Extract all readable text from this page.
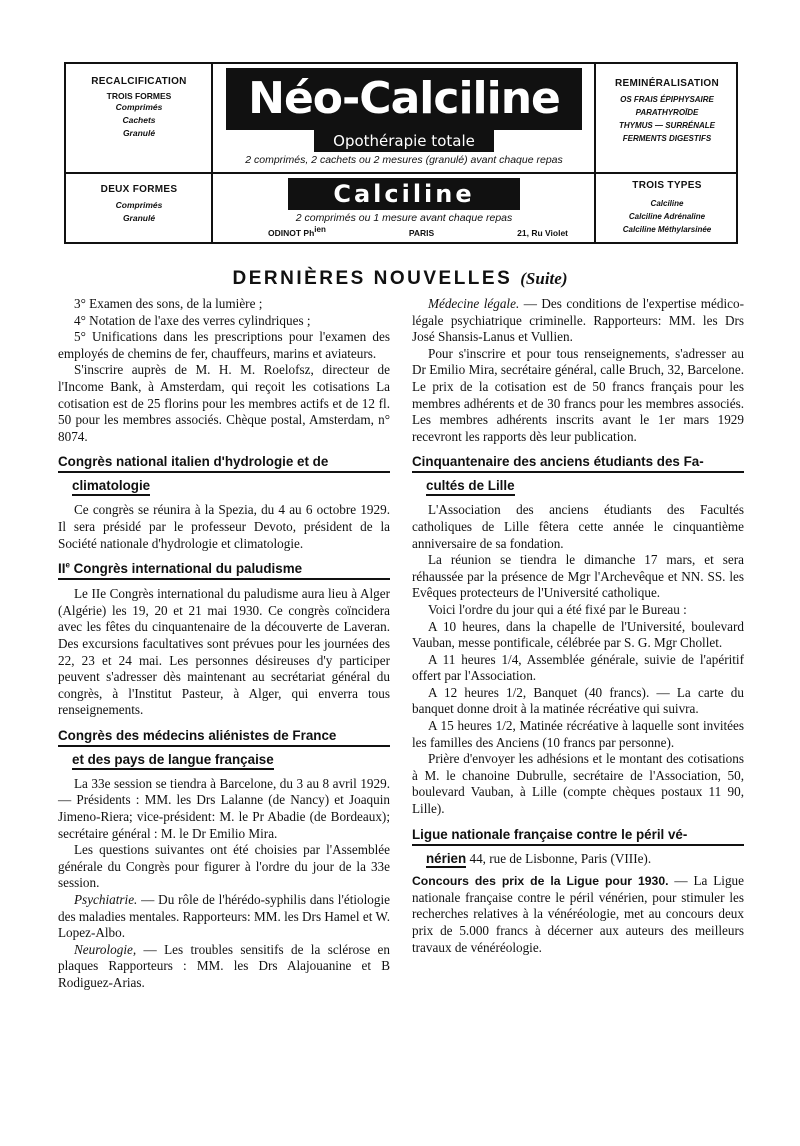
RECALCIFICATION
TROIS FORMES
Comprimés
Cachets
Granulé
DEUX FORMES
Comprimés
Granulé
REMINÉRALISATION
OS FRAIS ÉPIPHYSAIRE
PARATHYROÏDE
THYMUS — SURRÉNALE
FERMENTS DIGESTIFS
TROIS TYPES
Calciline
Calciline Adrénaline
Calciline Méthylarsinée
Néo-Calciline
Opothérapie totale
2 comprimés, 2 cachets ou 2 mesures (granulé) avant chaque repas
Calciline
2 comprimés ou 1 mesure avant chaque repas
ODINOT $Ph^{ien}$	PARIS	21, Ru Violet
DERNIÈRES NOUVELLES (Suite)

3° Examen des sons, de la lumière ;

4° Notation de l'axe des verres cylindriques ;

5° Unifications dans les prescriptions pour l'examen des employés de chemins de fer, chauffeurs, marins et aviateurs.

S'inscrire auprès de M. H. M. Roelofsz, directeur de l'Income Bank, à Amsterdam, qui reçoit les cotisations La cotisation est de 25 florins pour les membres actifs et de 12 fl. 50 pour les membres associés. Chèque postal, Amsterdam, n° 8074.

Congrès national italien d'hydrologie et de
climatologie

Ce congrès se réunira à la Spezia, du 4 au 6 octobre 1929. Il sera présidé par le professeur Devoto, président de la Société nationale d'hydrologie et climatologie.

IIe Congrès international du paludisme

Le IIe Congrès international du paludisme aura lieu à Alger (Algérie) les 19, 20 et 21 mai 1930. Ce congrès coïncidera avec les fêtes du cinquantenaire de la découverte de Laveran. Des excursions facultatives sont prévues pour les journées des 22, 23 et 24 mai. Les personnes désireuses d'y participer peuvent s'adresser dès maintenant au secrétariat général du congrès, à l'Institut Pasteur, à Alger, qui enverra tous renseignements.

Congrès des médecins aliénistes de France
et des pays de langue française

La 33e session se tiendra à Barcelone, du 3 au 8 avril 1929. — Présidents : MM. les Drs Lalanne (de Nancy) et Joaquin Jimeno-Riera; vice-président: M. le Pr Abadie (de Bordeaux); secrétaire général : M. le Dr Emilio Mira.

Les questions suivantes ont été choisies par l'Assemblée générale du Congrès pour figurer à l'ordre du jour de la 33e session.

Psychiatrie. — Du rôle de l'hérédo-syphilis dans l'étiologie des maladies mentales. Rapporteurs: MM. les Drs Hamel et W. Lopez-Albo.

Neurologie, — Les troubles sensitifs de la sclérose en plaques Rapporteurs : MM. les Drs Alajouanine et B Rodiguez-Arias.

Médecine légale. — Des conditions de l'expertise médico-légale psychiatrique criminelle. Rapporteurs: MM. les Drs José Shansis-Lanus et Vullien.

Pour s'inscrire et pour tous renseignements, s'adresser au Dr Emilio Mira, secrétaire général, calle Bruch, 32, Barcelone. Le prix de la cotisation est de 50 francs français pour les membres adhérents et de 30 francs pour les membres associés. Les membres adhérents inscrits avant le 1er mars 1929 recevront les rapports dès leur publication.

Cinquantenaire des anciens étudiants des Fa-
cultés de Lille

L'Association des anciens étudiants des Facultés catholiques de Lille fêtera cette année le cinquantième anniversaire de sa fondation.

La réunion se tiendra le dimanche 17 mars, et sera réhaussée par la présence de Mgr l'Archevêque et NN. SS. les Evêques protecteurs de l'Université catholique.

Voici l'ordre du jour qui a été fixé par le Bureau :

A 10 heures, dans la chapelle de l'Université, boulevard Vauban, messe pontificale, célébrée par S. G. Mgr Chollet.

A 11 heures 1/4, Assemblée générale, suivie de l'apéritif offert par l'Association.

A 12 heures 1/2, Banquet (40 francs). — La carte du banquet donne droit à la matinée récréative qui suivra.

A 15 heures 1/2, Matinée récréative à laquelle sont invitées les familles des Anciens (10 francs par personne).

Prière d'envoyer les adhésions et le montant des cotisations à M. le chanoine Dubrulle, secrétaire de l'Association, 50, boulevard Vauban, à Lille (compte chèques postaux 11 90, Lille).

Ligue nationale française contre le péril vé-
nérien 44, rue de Lisbonne, Paris (VIIIe).

Concours des prix de la Ligue pour 1930. — La Ligue nationale française contre le péril vénérien, pour stimuler les recherches relatives à la vénéréologie, met au concours deux prix de 5.000 francs à décerner aux auteurs des meilleurs travaux de vénéréologie.
